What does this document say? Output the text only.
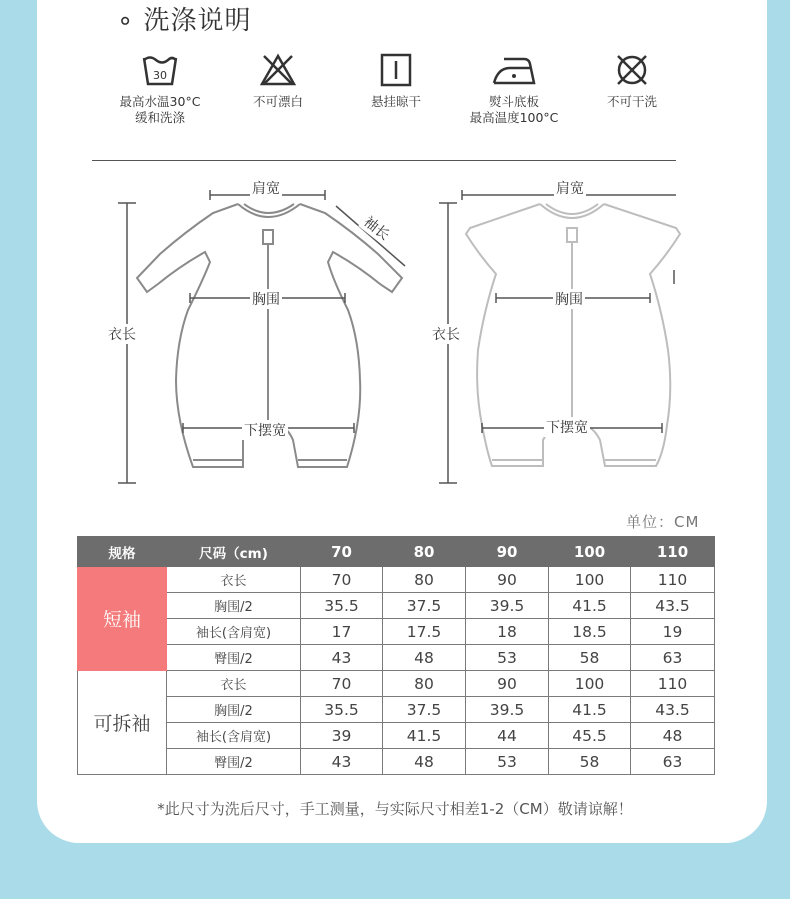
∘ 洗涤说明
30
最高水温30°C
缓和洗涤
不可漂白	悬挂晾干	熨斗底板
最高温度100°C
不可干洗
肩宽
袖长
胸围
衣长
下摆宽
肩宽
胸围
衣长
下摆宽
单位：CM
规格	尺码（cm)	70	80	90	100	110
短袖	衣长	70	80	90	100	110
	胸围/2	35.5	37.5	39.5	41.5	43.5
	袖长(含肩宽)	17	17.5	18	18.5	19
	臀围/2	43	48	53	58	63
可拆袖	衣长	70	80	90	100	110
	胸围/2	35.5	37.5	39.5	41.5	43.5
	袖长(含肩宽)	39	41.5	44	45.5	48
	臀围/2	43	48	53	58	63
*此尺寸为洗后尺寸，手工测量，与实际尺寸相差1-2（CM）敬请谅解！
